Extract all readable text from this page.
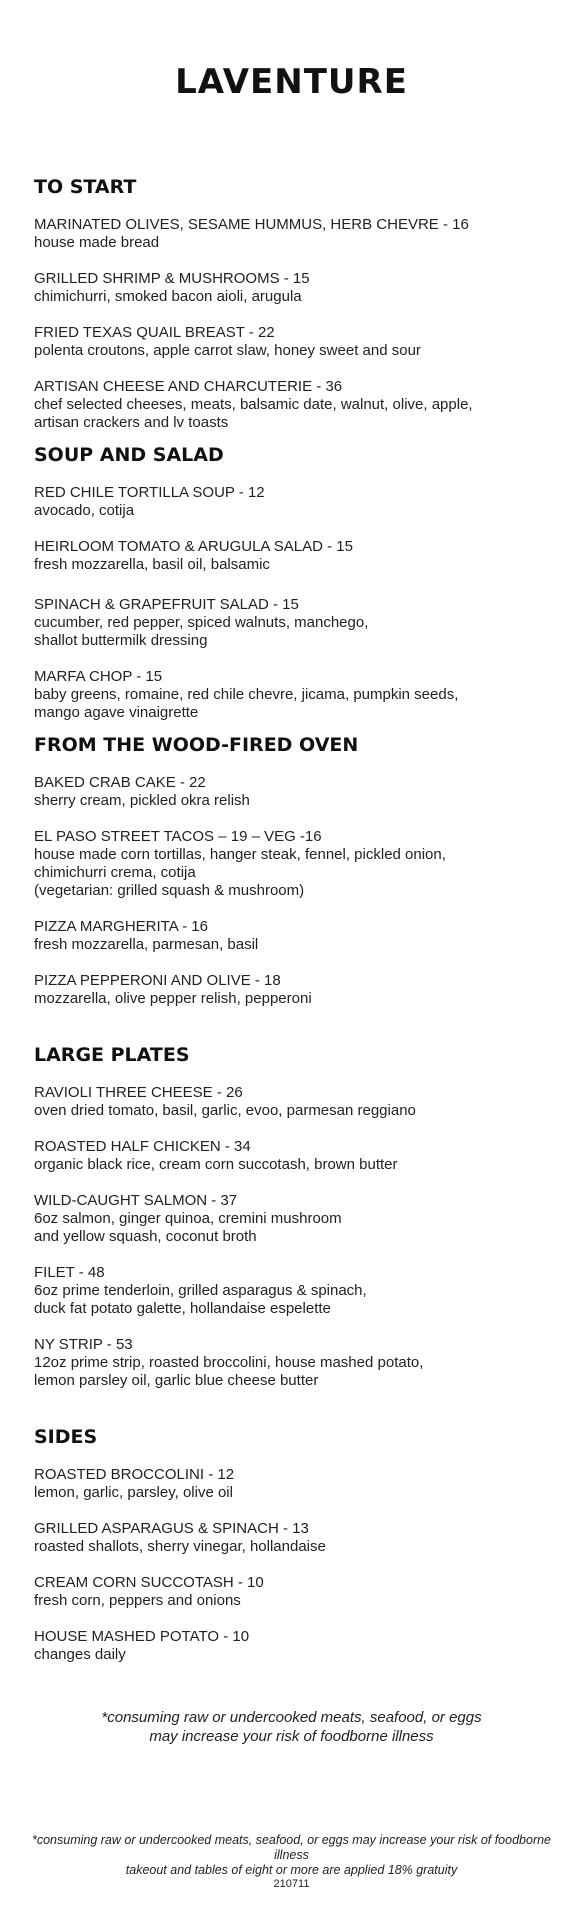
LAVENTURE
TO START
MARINATED OLIVES, SESAME HUMMUS, HERB CHEVRE - 16
house made bread
GRILLED SHRIMP & MUSHROOMS - 15
chimichurri, smoked bacon aioli, arugula
FRIED TEXAS QUAIL BREAST - 22
polenta croutons, apple carrot slaw, honey sweet and sour
ARTISAN CHEESE AND CHARCUTERIE - 36
chef selected cheeses, meats, balsamic date, walnut, olive, apple,
artisan crackers and lv toasts
SOUP AND SALAD
RED CHILE TORTILLA SOUP - 12
avocado, cotija
HEIRLOOM TOMATO & ARUGULA SALAD - 15
fresh mozzarella, basil oil, balsamic
SPINACH & GRAPEFRUIT SALAD - 15
cucumber, red pepper, spiced walnuts, manchego,
shallot buttermilk dressing
MARFA CHOP - 15
baby greens, romaine, red chile chevre, jicama, pumpkin seeds,
mango agave vinaigrette
FROM THE WOOD-FIRED OVEN
BAKED CRAB CAKE - 22
sherry cream, pickled okra relish
EL PASO STREET TACOS – 19 – VEG -16
house made corn tortillas, hanger steak, fennel, pickled onion,
chimichurri crema, cotija
(vegetarian: grilled squash & mushroom)
PIZZA MARGHERITA - 16
fresh mozzarella, parmesan, basil
PIZZA PEPPERONI AND OLIVE - 18
mozzarella, olive pepper relish, pepperoni
LARGE PLATES
RAVIOLI THREE CHEESE - 26
oven dried tomato, basil, garlic, evoo, parmesan reggiano
ROASTED HALF CHICKEN - 34
organic black rice, cream corn succotash, brown butter
WILD-CAUGHT SALMON - 37
6oz salmon, ginger quinoa, cremini mushroom
and yellow squash, coconut broth
FILET - 48
6oz prime tenderloin, grilled asparagus & spinach,
duck fat potato galette, hollandaise espelette
NY STRIP - 53
12oz prime strip, roasted broccolini, house mashed potato,
lemon parsley oil, garlic blue cheese butter
SIDES
ROASTED BROCCOLINI - 12
lemon, garlic, parsley, olive oil
GRILLED ASPARAGUS & SPINACH - 13
roasted shallots, sherry vinegar, hollandaise
CREAM CORN SUCCOTASH - 10
fresh corn, peppers and onions
HOUSE MASHED POTATO - 10
changes daily
*consuming raw or undercooked meats, seafood, or eggs
may increase your risk of foodborne illness
*consuming raw or undercooked meats, seafood, or eggs may increase your risk of foodborne illness
takeout and tables of eight or more are applied 18% gratuity
210711
